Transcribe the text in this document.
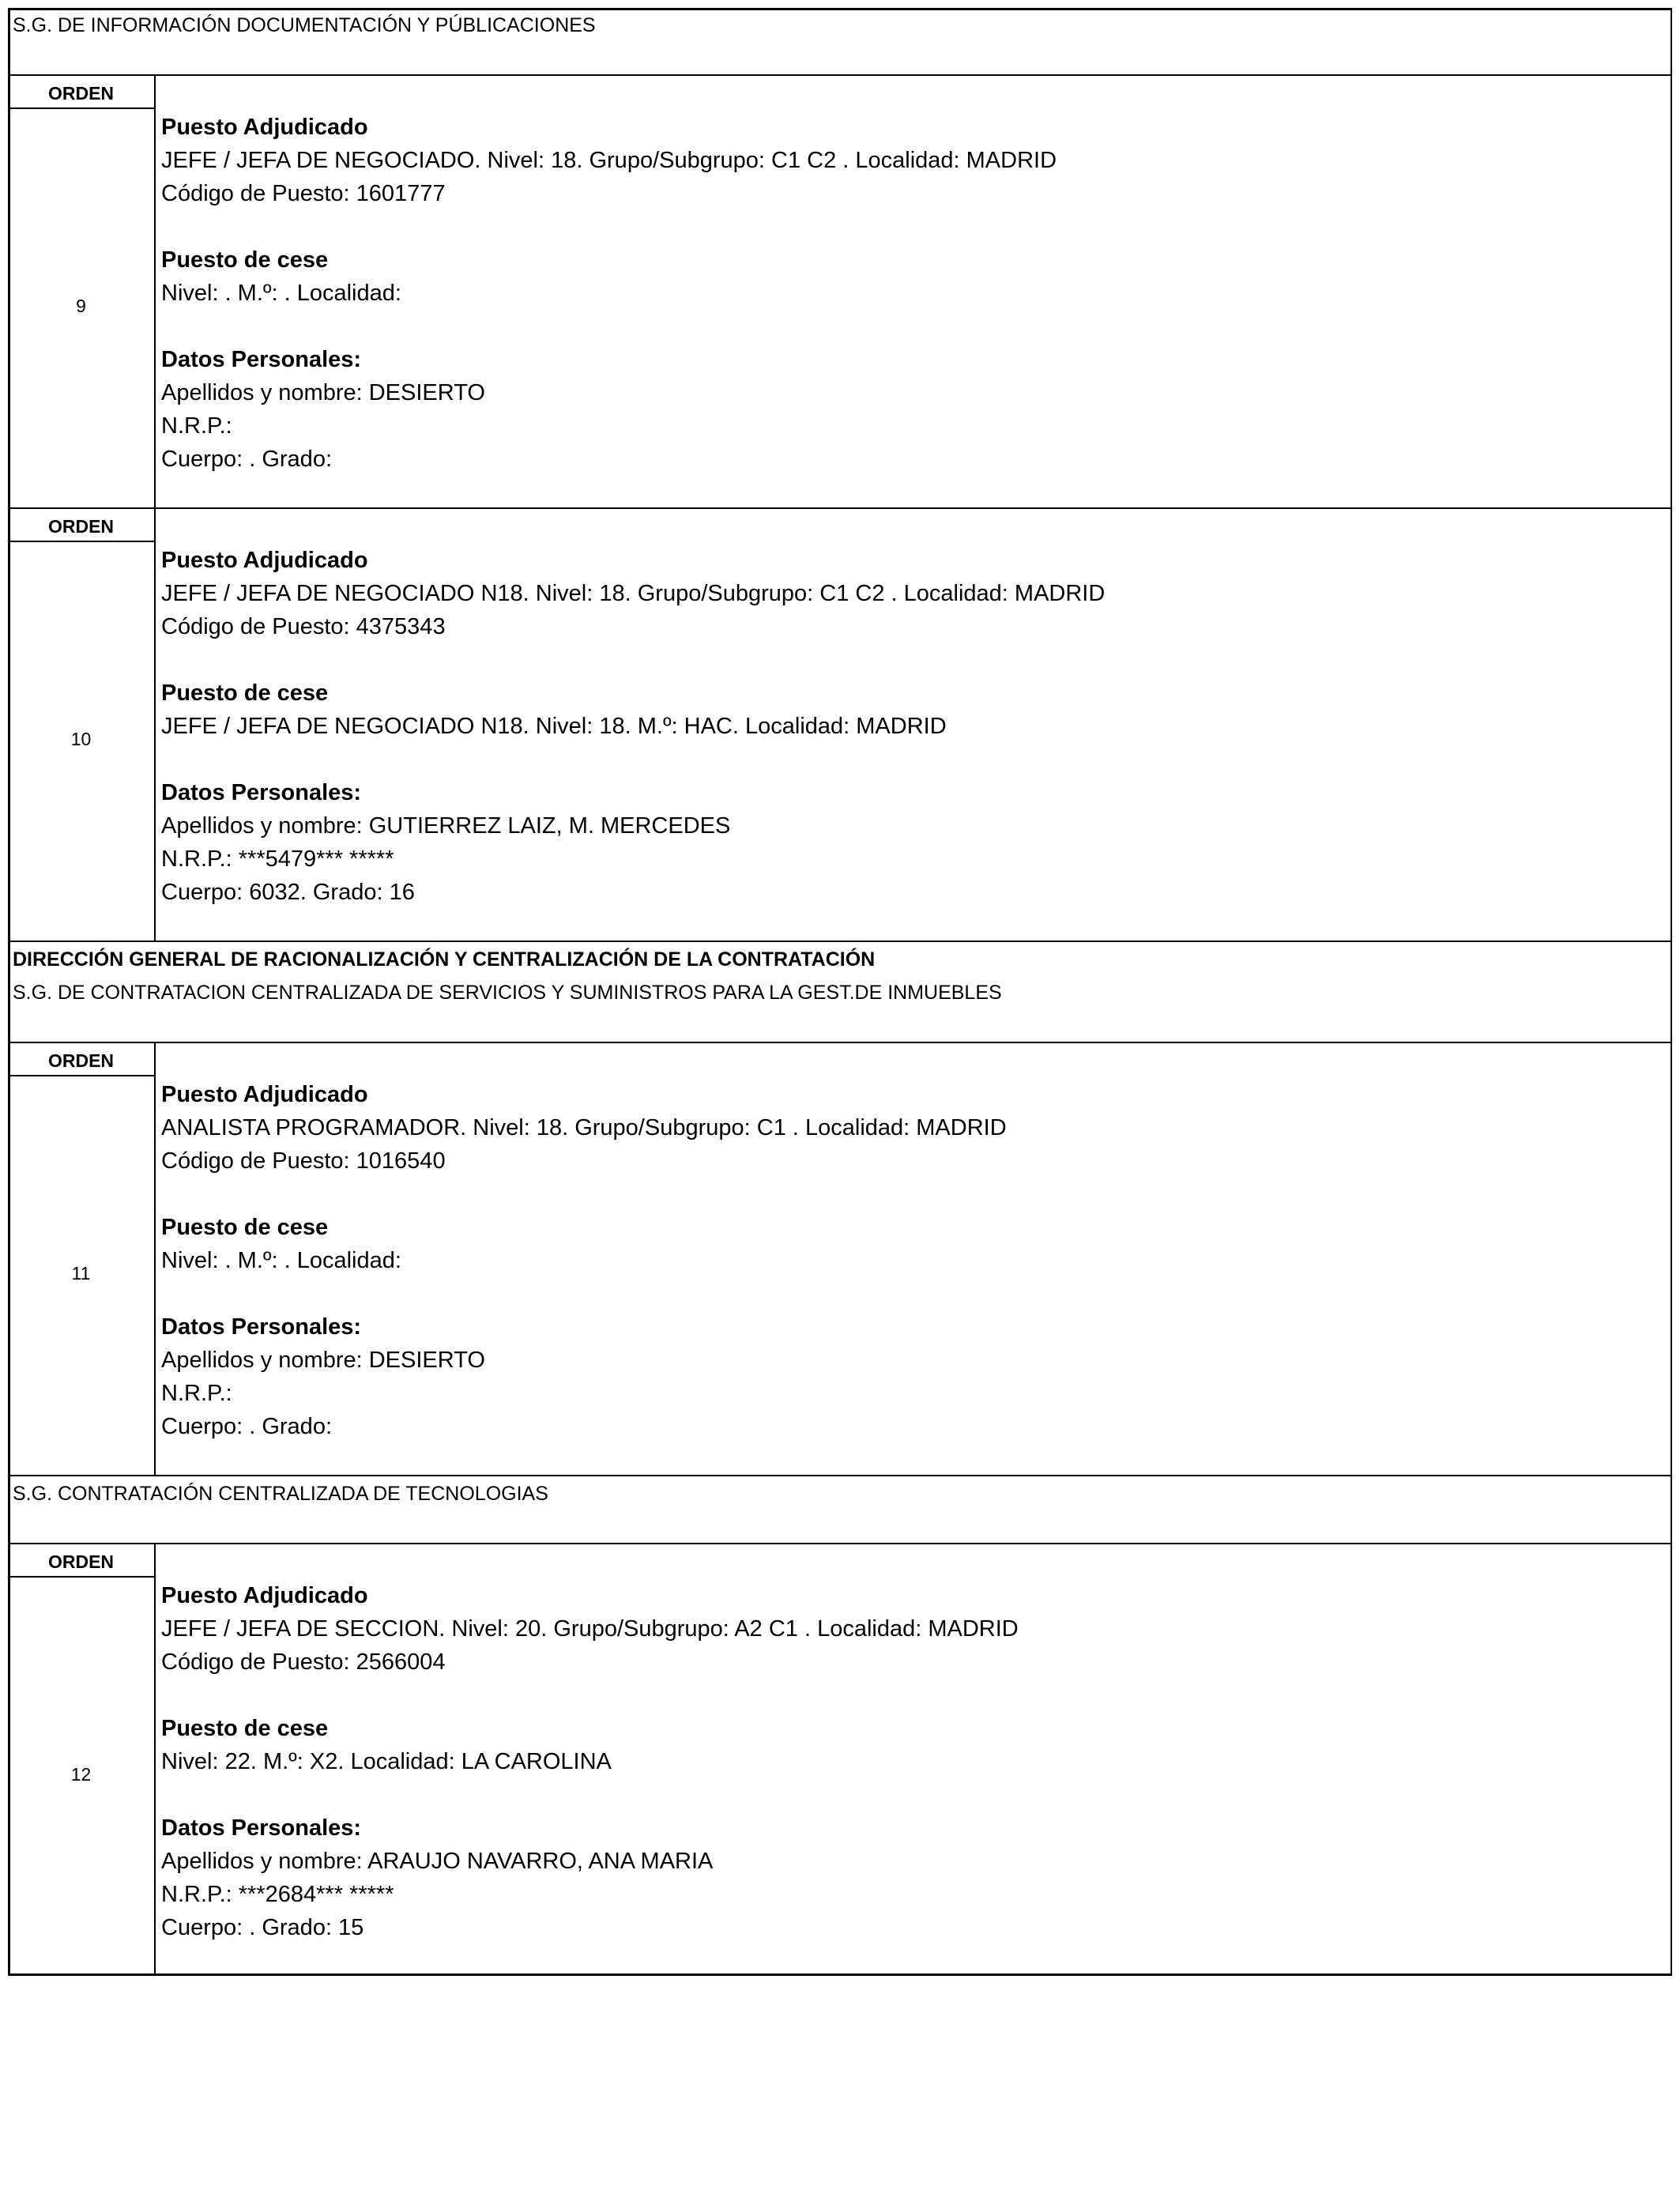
S.G. DE INFORMACIÓN DOCUMENTACIÓN Y PÚBLICACIONES
ORDEN
9
Puesto Adjudicado
JEFE / JEFA DE NEGOCIADO. Nivel: 18. Grupo/Subgrupo: C1 C2 . Localidad: MADRID
Código de Puesto: 1601777
Puesto de cese
Nivel: . M.º: . Localidad:
Datos Personales:
Apellidos y nombre: DESIERTO
N.R.P.:
Cuerpo: . Grado:
ORDEN
10
Puesto Adjudicado
JEFE / JEFA DE NEGOCIADO N18. Nivel: 18. Grupo/Subgrupo: C1 C2 . Localidad: MADRID
Código de Puesto: 4375343
Puesto de cese
JEFE / JEFA DE NEGOCIADO N18. Nivel: 18. M.º: HAC. Localidad: MADRID
Datos Personales:
Apellidos y nombre: GUTIERREZ LAIZ, M. MERCEDES
N.R.P.: ***5479*** *****
Cuerpo: 6032. Grado: 16
DIRECCIÓN GENERAL DE RACIONALIZACIÓN Y CENTRALIZACIÓN DE LA CONTRATACIÓN
S.G. DE CONTRATACION CENTRALIZADA DE SERVICIOS Y SUMINISTROS PARA LA GEST.DE INMUEBLES
ORDEN
11
Puesto Adjudicado
ANALISTA PROGRAMADOR. Nivel: 18. Grupo/Subgrupo: C1 . Localidad: MADRID
Código de Puesto: 1016540
Puesto de cese
Nivel: . M.º: . Localidad:
Datos Personales:
Apellidos y nombre: DESIERTO
N.R.P.:
Cuerpo: . Grado:
S.G. CONTRATACIÓN CENTRALIZADA DE TECNOLOGIAS
ORDEN
12
Puesto Adjudicado
JEFE / JEFA DE SECCION. Nivel: 20. Grupo/Subgrupo: A2 C1 . Localidad: MADRID
Código de Puesto: 2566004
Puesto de cese
Nivel: 22. M.º: X2. Localidad: LA CAROLINA
Datos Personales:
Apellidos y nombre: ARAUJO NAVARRO, ANA MARIA
N.R.P.: ***2684*** *****
Cuerpo: . Grado: 15
